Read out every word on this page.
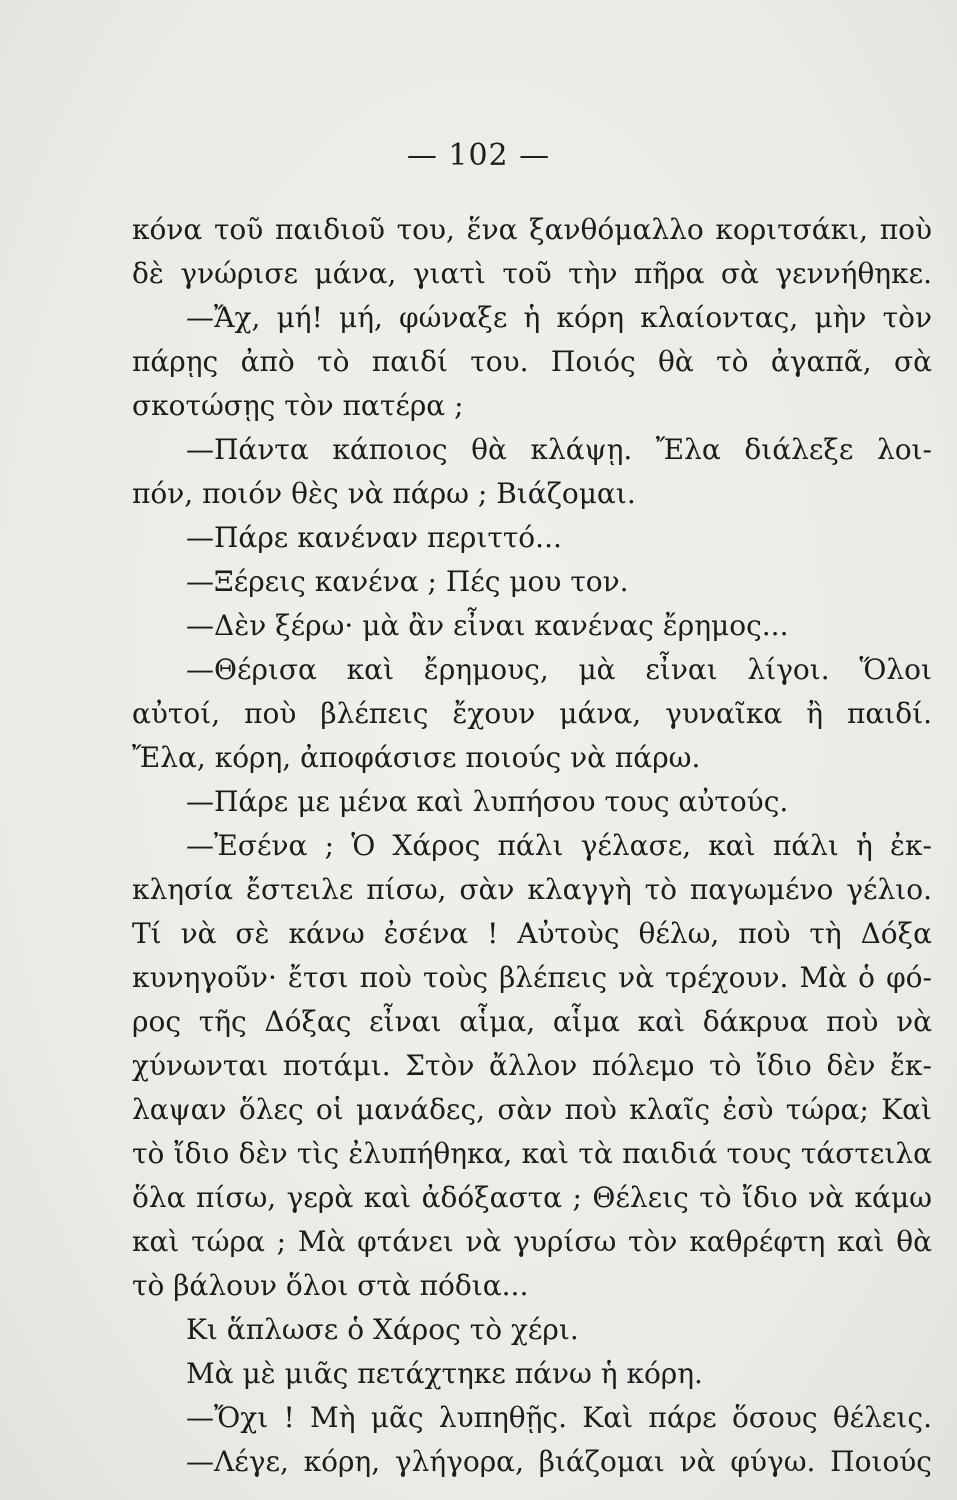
— 102 —
κόνα τοῦ παιδιοῦ του, ἕνα ξανθόμαλλο κοριτσάκι, ποὺ
δὲ γνώρισε μάνα, γιατὶ τοῦ τὴν πῆρα σὰ γεννήθηκε.
—Ἄχ, μή! μή, φώναξε ἡ κόρη κλαίοντας, μὴν τὸν
πάρῃς ἀπὸ τὸ παιδί του. Ποιός θὰ τὸ ἀγαπᾶ, σὰ
σκοτώσῃς τὸν πατέρα ;
—Πάντα κάποιος θὰ κλάψῃ. Ἔλα διάλεξε λοι-
πόν, ποιόν θὲς νὰ πάρω ; Βιάζομαι.
—Πάρε κανέναν περιττό...
—Ξέρεις κανένα ; Πές μου τον.
—Δὲν ξέρω· μὰ ἂν εἶναι κανένας ἔρημος...
—Θέρισα καὶ ἔρημους, μὰ εἶναι λίγοι. Ὅλοι
αὐτοί, ποὺ βλέπεις ἔχουν μάνα, γυναῖκα ἢ παιδί.
Ἔλα, κόρη, ἀποφάσισε ποιούς νὰ πάρω.
—Πάρε με μένα καὶ λυπήσου τους αὐτούς.
—Ἐσένα ; Ὁ Χάρος πάλι γέλασε, καὶ πάλι ἡ ἐκ-
κλησία ἔστειλε πίσω, σὰν κλαγγὴ τὸ παγωμένο γέλιο.
Τί νὰ σὲ κάνω ἐσένα ! Αὐτοὺς θέλω, ποὺ τὴ Δόξα
κυνηγοῦν· ἔτσι ποὺ τοὺς βλέπεις νὰ τρέχουν. Μὰ ὁ φό-
ρος τῆς Δόξας εἶναι αἷμα, αἷμα καὶ δάκρυα ποὺ νὰ
χύνωνται ποτάμι. Στὸν ἄλλον πόλεμο τὸ ἴδιο δὲν ἔκ-
λαψαν ὅλες οἱ μανάδες, σὰν ποὺ κλαῖς ἐσὺ τώρα; Καὶ
τὸ ἴδιο δὲν τὶς ἐλυπήθηκα, καὶ τὰ παιδιά τους τάστειλα
ὅλα πίσω, γερὰ καὶ ἀδόξαστα ; Θέλεις τὸ ἴδιο νὰ κάμω
καὶ τώρα ; Μὰ φτάνει νὰ γυρίσω τὸν καθρέφτη καὶ θὰ
τὸ βάλουν ὅλοι στὰ πόδια...
Κι ἅπλωσε ὁ Χάρος τὸ χέρι.
Μὰ μὲ μιᾶς πετάχτηκε πάνω ἡ κόρη.
—Ὄχι ! Μὴ μᾶς λυπηθῇς. Καὶ πάρε ὅσους θέλεις.
—Λέγε, κόρη, γλήγορα, βιάζομαι νὰ φύγω. Ποιούς
